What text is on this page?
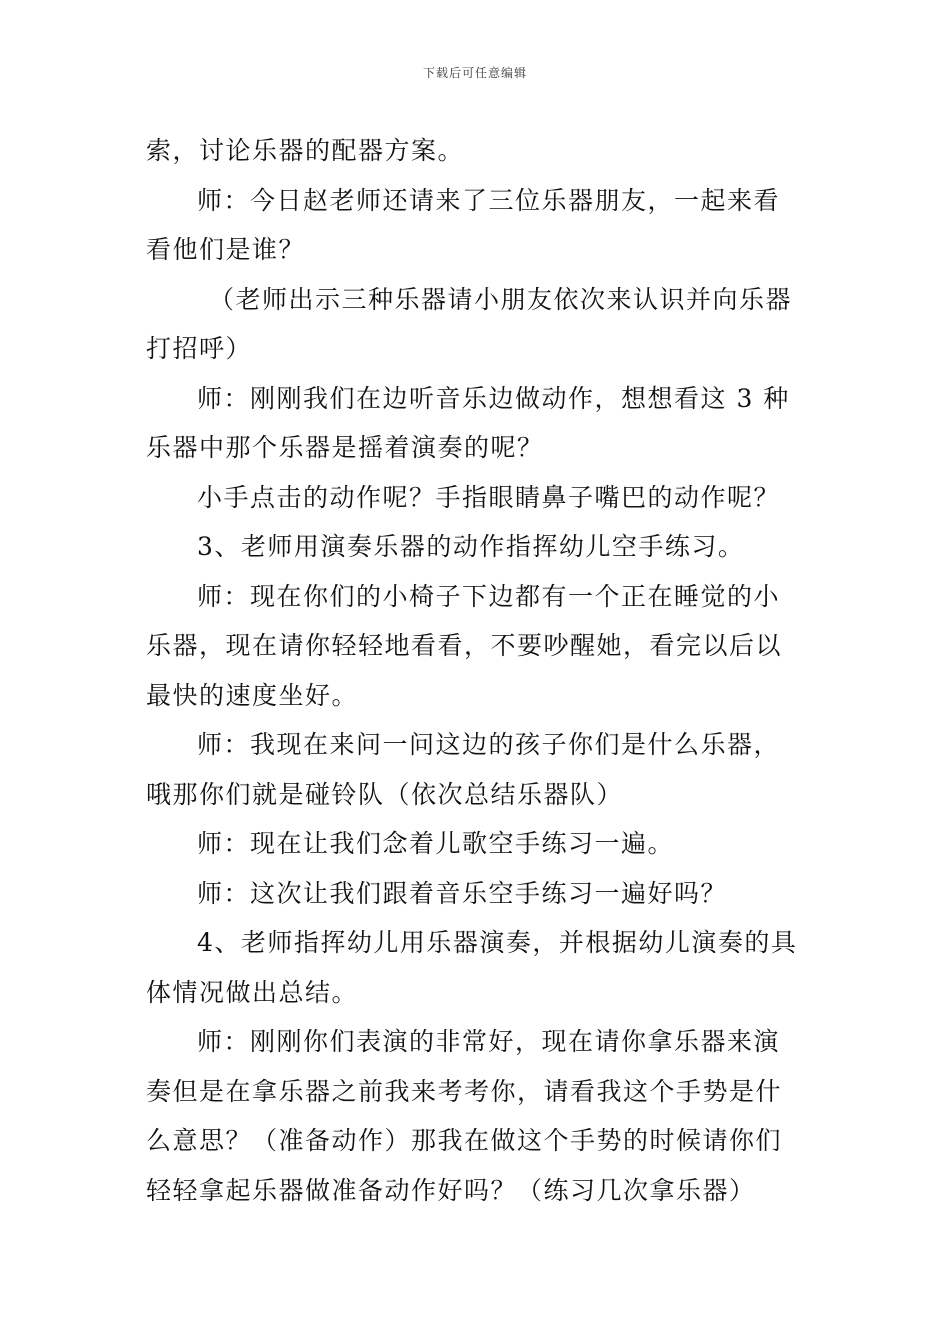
下载后可任意编辑

索，讨论乐器的配器方案。

师：今日赵老师还请来了三位乐器朋友，一起来看看他们是谁？

（老师出示三种乐器请小朋友依次来认识并向乐器打招呼）

师：刚刚我们在边听音乐边做动作，想想看这 3 种乐器中那个乐器是摇着演奏的呢？

小手点击的动作呢？手指眼睛鼻子嘴巴的动作呢？

3、老师用演奏乐器的动作指挥幼儿空手练习。

师：现在你们的小椅子下边都有一个正在睡觉的小乐器，现在请你轻轻地看看，不要吵醒她，看完以后以最快的速度坐好。

师：我现在来问一问这边的孩子你们是什么乐器，哦那你们就是碰铃队（依次总结乐器队）

师：现在让我们念着儿歌空手练习一遍。

师：这次让我们跟着音乐空手练习一遍好吗？

4、老师指挥幼儿用乐器演奏，并根据幼儿演奏的具体情况做出总结。

师：刚刚你们表演的非常好，现在请你拿乐器来演奏但是在拿乐器之前我来考考你，请看我这个手势是什么意思？（准备动作）那我在做这个手势的时候请你们轻轻拿起乐器做准备动作好吗？（练习几次拿乐器）
